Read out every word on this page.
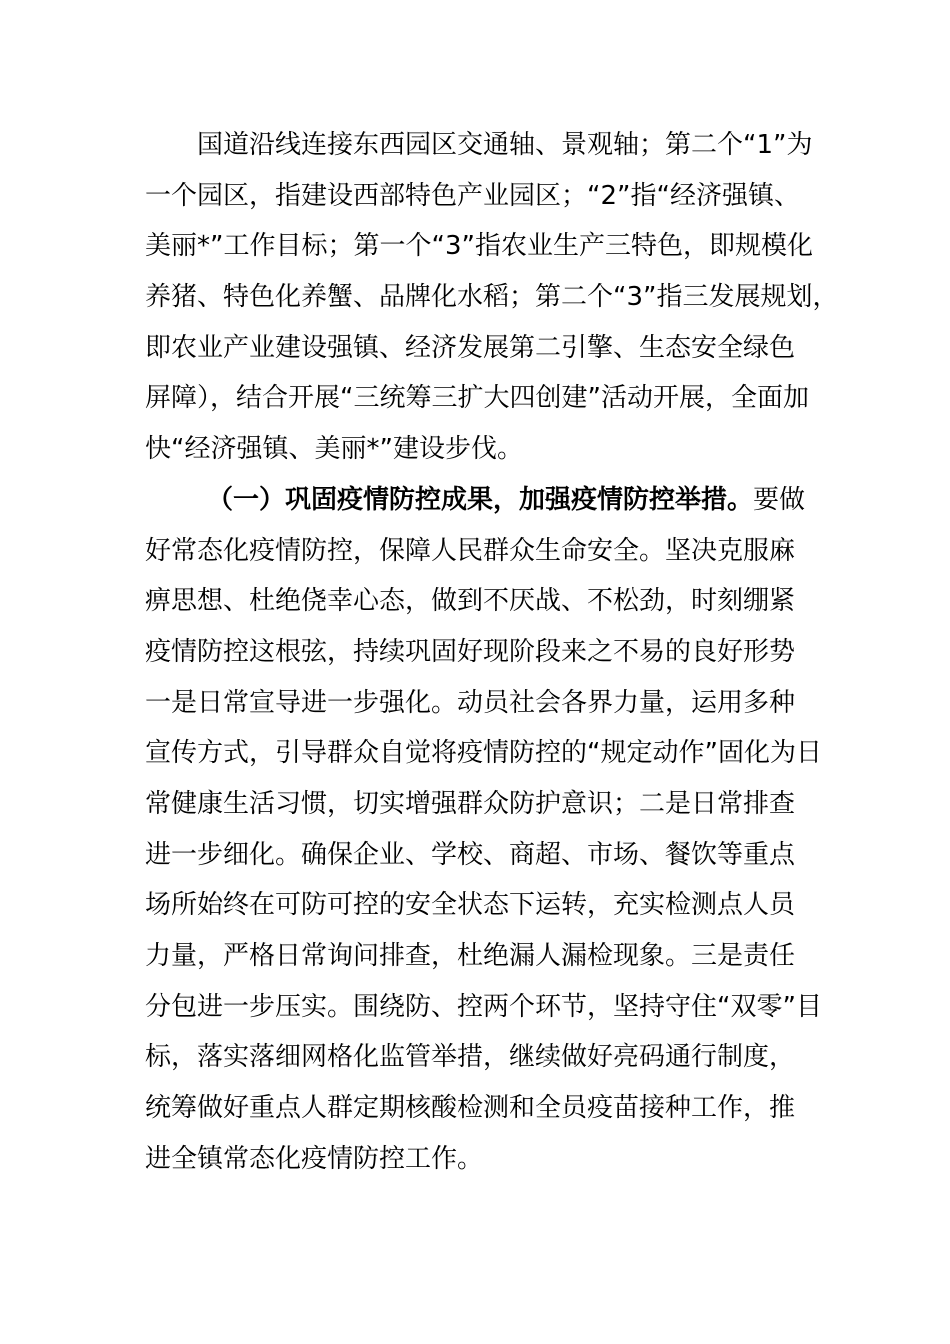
国道沿线连接东西园区交通轴、景观轴；第二个“1”为
一个园区，指建设西部特色产业园区；“2”指“经济强镇、
美丽*”工作目标；第一个“3”指农业生产三特色，即规模化
养猪、特色化养蟹、品牌化水稻；第二个“3”指三发展规划，
即农业产业建设强镇、经济发展第二引擎、生态安全绿色
屏障），结合开展“三统筹三扩大四创建”活动开展，全面加
快“经济强镇、美丽*”建设步伐。
（一）巩固疫情防控成果，加强疫情防控举措。要做
好常态化疫情防控，保障人民群众生命安全。坚决克服麻
痹思想、杜绝侥幸心态，做到不厌战、不松劲，时刻绷紧
疫情防控这根弦，持续巩固好现阶段来之不易的良好形势
一是日常宣导进一步强化。动员社会各界力量，运用多种
宣传方式，引导群众自觉将疫情防控的“规定动作”固化为日
常健康生活习惯，切实增强群众防护意识；二是日常排查
进一步细化。确保企业、学校、商超、市场、餐饮等重点
场所始终在可防可控的安全状态下运转，充实检测点人员
力量，严格日常询问排查，杜绝漏人漏检现象。三是责任
分包进一步压实。围绕防、控两个环节，坚持守住“双零”目
标，落实落细网格化监管举措，继续做好亮码通行制度，
统筹做好重点人群定期核酸检测和全员疫苗接种工作，推
进全镇常态化疫情防控工作。
